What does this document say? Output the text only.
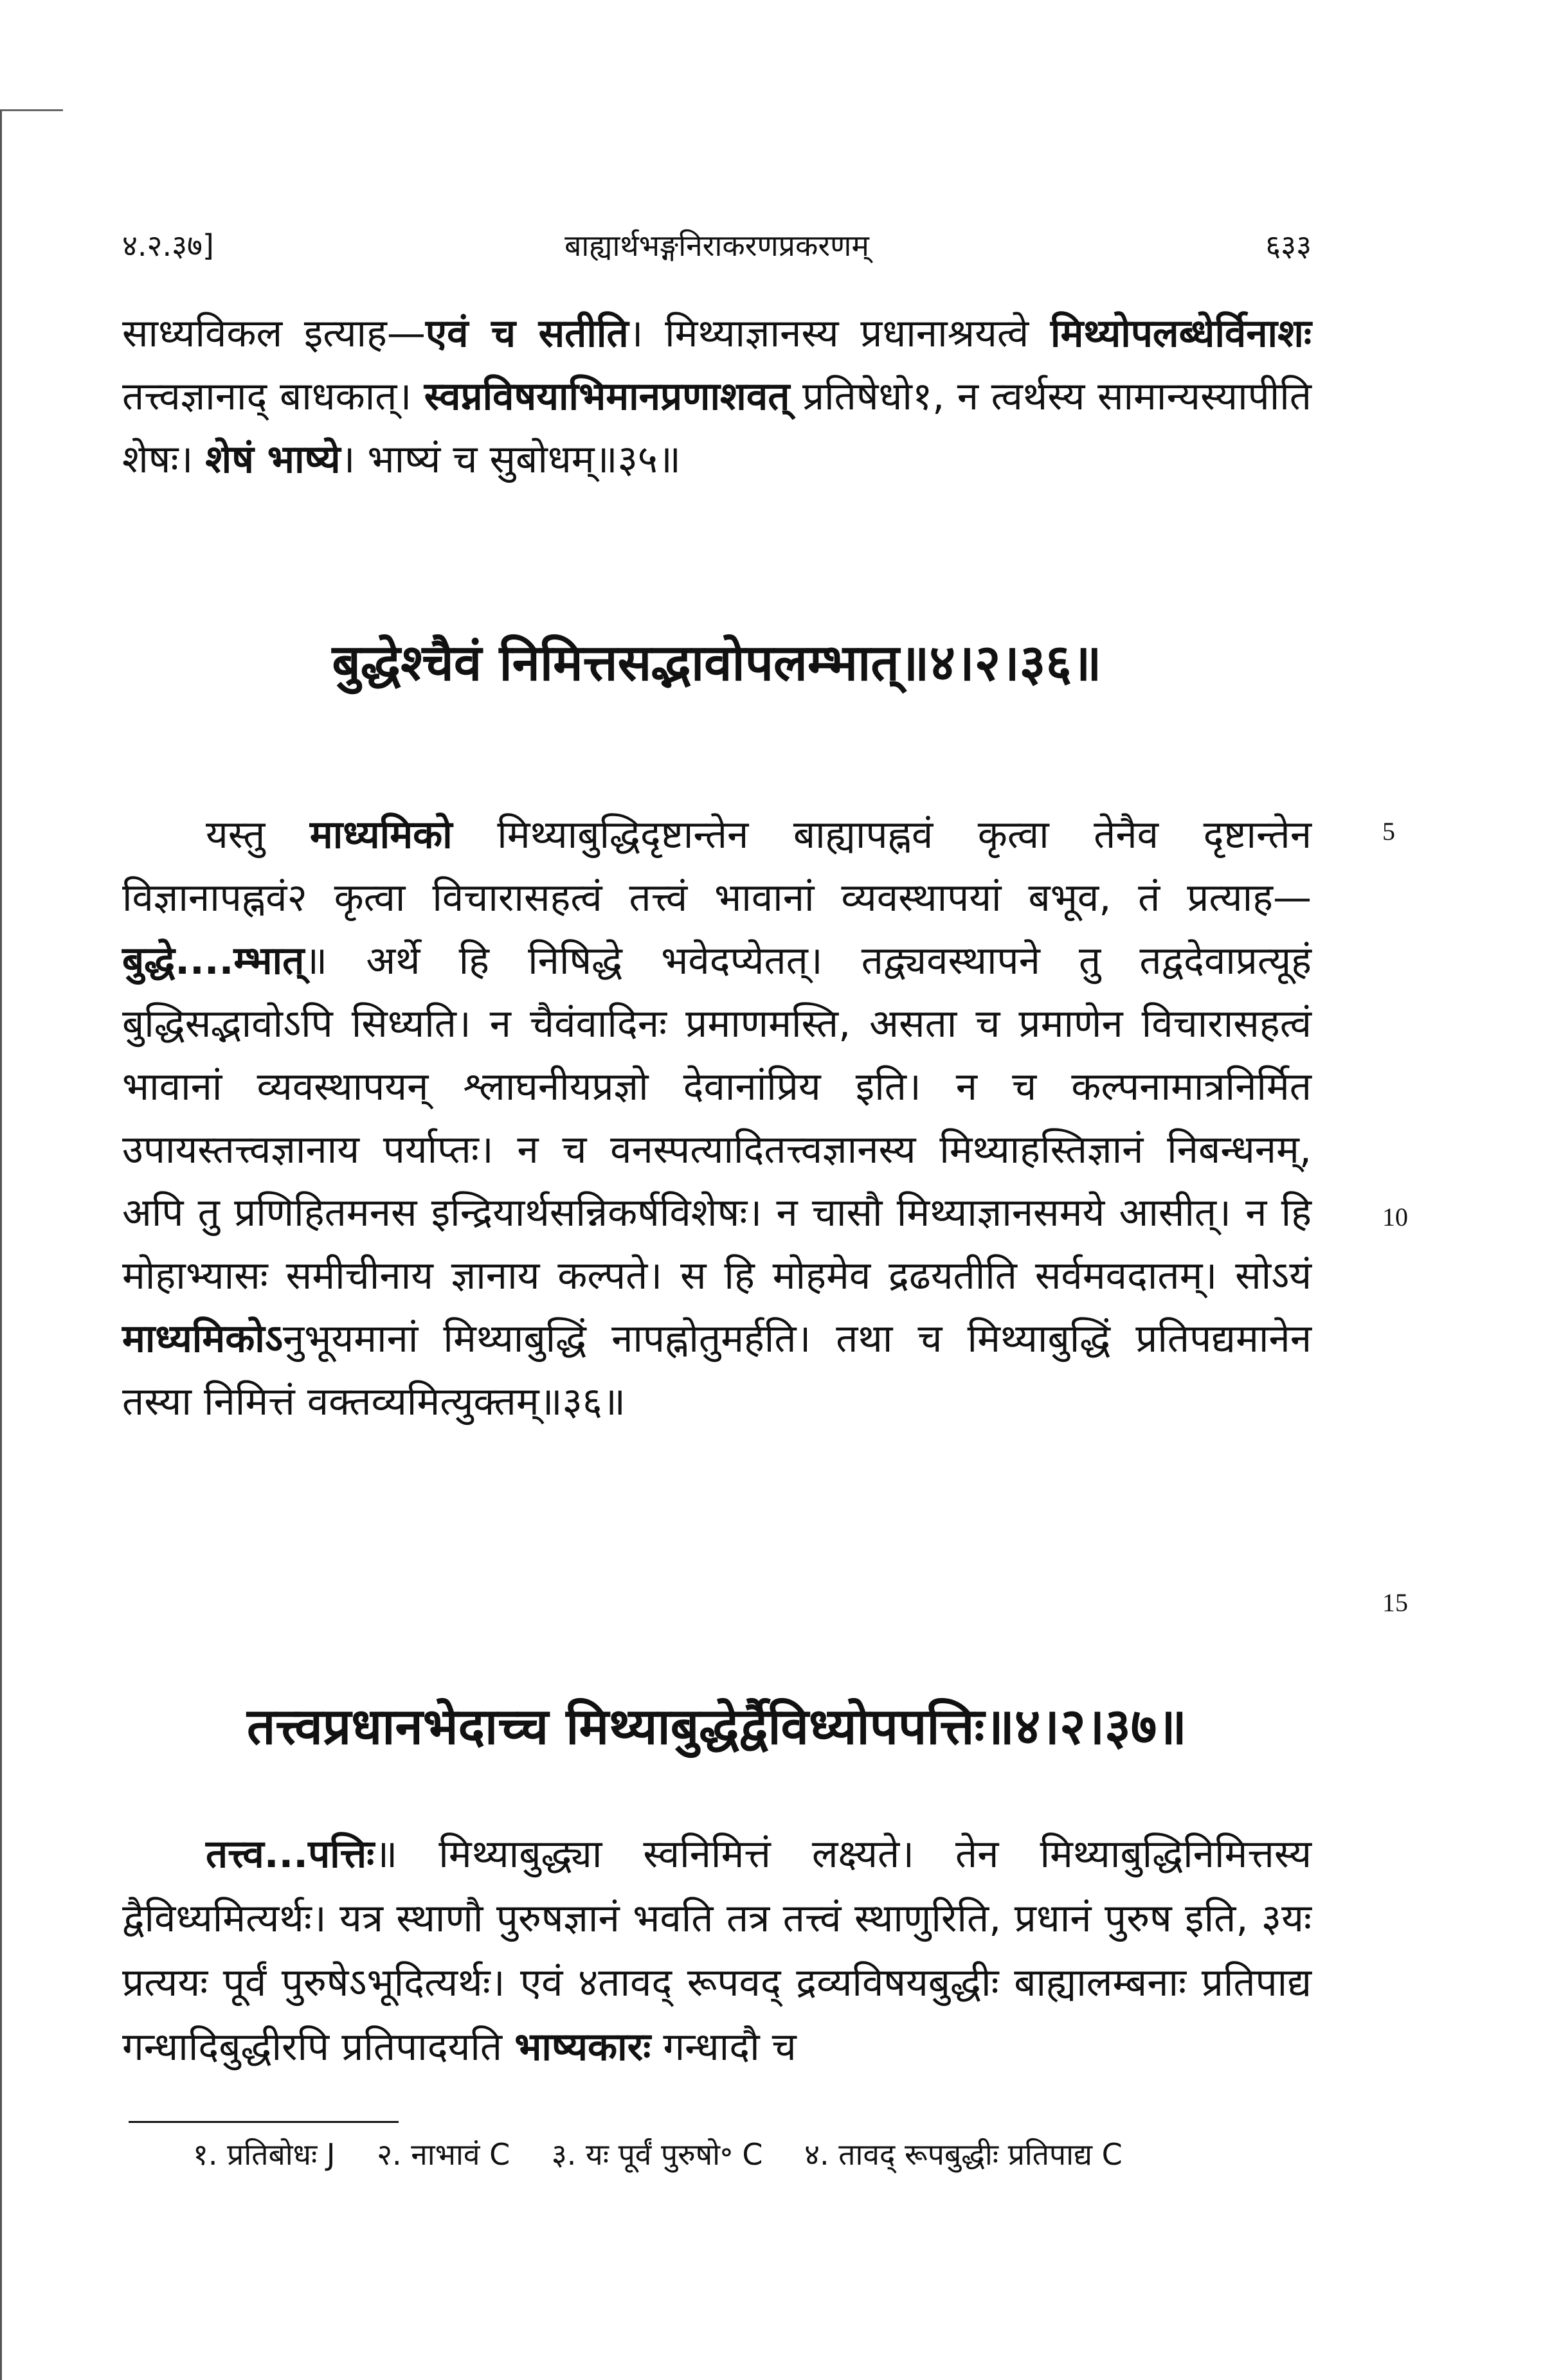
४.२.३७]	बाह्यार्थभङ्गनिराकरणप्रकरणम्	६३३
साध्यविकल इत्याह—एवं च सतीति। मिथ्याज्ञानस्य प्रधानाश्रयत्वे मिथ्योपलब्धेर्विनाशः तत्त्वज्ञानाद् बाधकात्। स्वप्नविषयाभिमानप्रणाशवत् प्रतिषेधो१, न त्वर्थस्य सामान्यस्यापीति शेषः। शेषं भाष्ये। भाष्यं च सुबोधम्॥३५॥
बुद्धेश्चैवं निमित्तसद्भावोपलम्भात्॥४।२।३६॥
यस्तु माध्यमिको मिथ्याबुद्धिदृष्टान्तेन बाह्यापह्नवं कृत्वा तेनैव दृष्टान्तेन विज्ञानापह्नवं२ कृत्वा विचारासहत्वं तत्त्वं भावानां व्यवस्थापयां बभूव, तं प्रत्याह—बुद्धे....म्भात्॥ अर्थे हि निषिद्धे भवेदप्येतत्। तद्व्यवस्थापने तु तद्वदेवाप्रत्यूहं बुद्धिसद्भावोऽपि सिध्यति। न चैवंवादिनः प्रमाणमस्ति, असता च प्रमाणेन विचारासहत्वं भावानां व्यवस्थापयन् श्लाघनीयप्रज्ञो देवानांप्रिय इति। न च कल्पनामात्रनिर्मित उपायस्तत्त्वज्ञानाय पर्याप्तः। न च वनस्पत्यादितत्त्वज्ञानस्य मिथ्याहस्तिज्ञानं निबन्धनम्, अपि तु प्रणिहितमनस इन्द्रियार्थसन्निकर्षविशेषः। न चासौ मिथ्याज्ञानसमये आसीत्। न हि मोहाभ्यासः समीचीनाय ज्ञानाय कल्पते। स हि मोहमेव द्रढयतीति सर्वमवदातम्। सोऽयं माध्यमिकोऽनुभूयमानां मिथ्याबुद्धिं नापह्नोतुमर्हति। तथा च मिथ्याबुद्धिं प्रतिपद्यमानेन तस्या निमित्तं वक्तव्यमित्युक्तम्॥३६॥
5
10
15
तत्त्वप्रधानभेदाच्च मिथ्याबुद्धेर्द्वैविध्योपपत्तिः॥४।२।३७॥
तत्त्व...पत्तिः॥ मिथ्याबुद्ध्या स्वनिमित्तं लक्ष्यते। तेन मिथ्याबुद्धिनिमित्तस्य द्वैविध्यमित्यर्थः। यत्र स्थाणौ पुरुषज्ञानं भवति तत्र तत्त्वं स्थाणुरिति, प्रधानं पुरुष इति, ३यः प्रत्ययः पूर्वं पुरुषेऽभूदित्यर्थः। एवं ४तावद् रूपवद् द्रव्यविषयबुद्धीः बाह्यालम्बनाः प्रतिपाद्य गन्धादिबुद्धीरपि प्रतिपादयति भाष्यकारः गन्धादौ च
१. प्रतिबोधः J २. नाभावं C ३. यः पूर्वं पुरुषो॰ C ४. तावद् रूपबुद्धीः प्रतिपाद्य C
